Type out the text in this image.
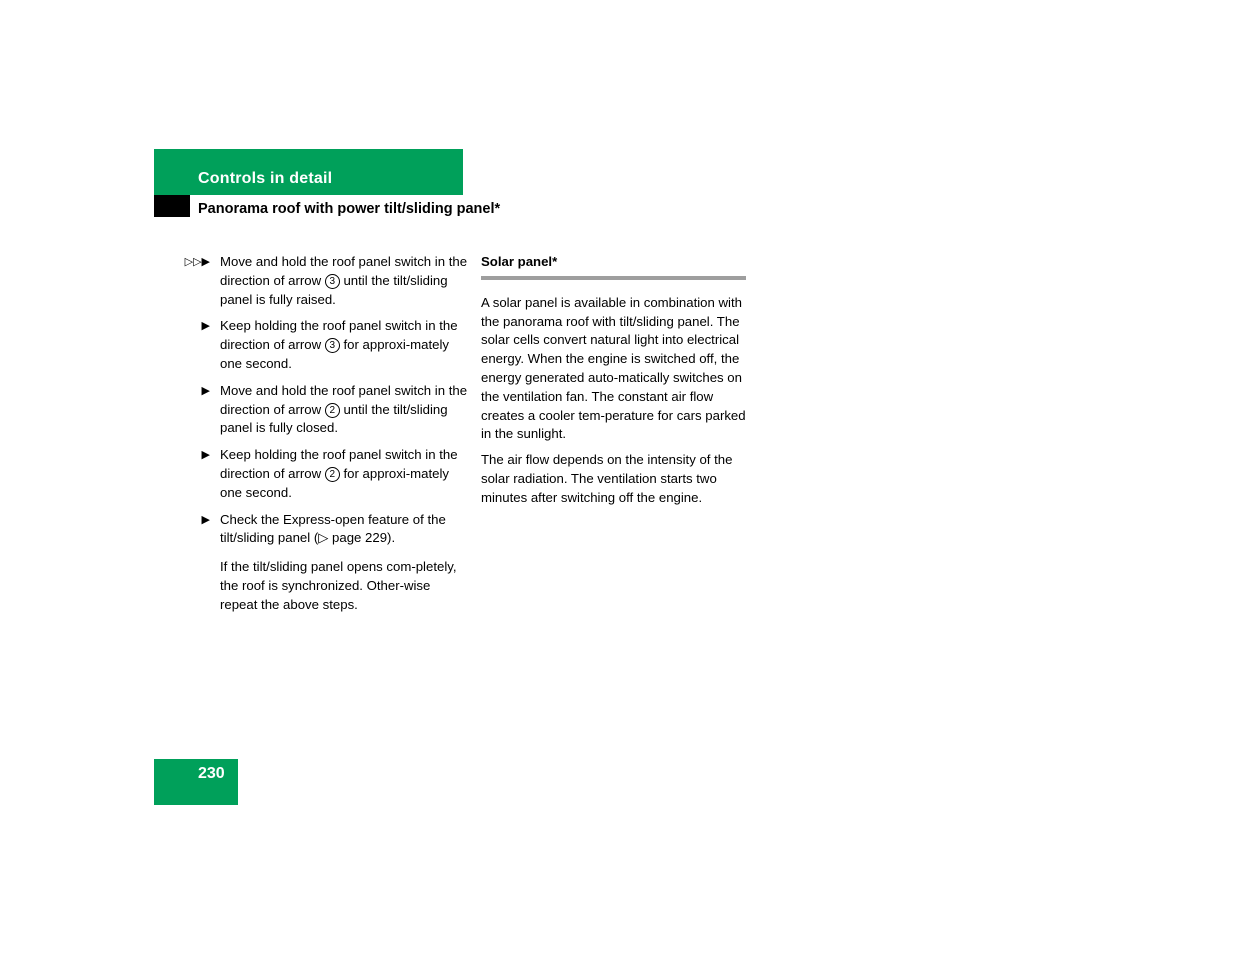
Controls in detail
Panorama roof with power tilt/sliding panel*
▷▷▶ Move and hold the roof panel switch in the direction of arrow 3 until the tilt/sliding panel is fully raised.
▶ Keep holding the roof panel switch in the direction of arrow 3 for approxi-mately one second.
▶ Move and hold the roof panel switch in the direction of arrow 2 until the tilt/sliding panel is fully closed.
▶ Keep holding the roof panel switch in the direction of arrow 2 for approxi-mately one second.
▶ Check the Express-open feature of the tilt/sliding panel (▷ page 229).
If the tilt/sliding panel opens com-pletely, the roof is synchronized. Other-wise repeat the above steps.
Solar panel*

A solar panel is available in combination with the panorama roof with tilt/sliding panel. The solar cells convert natural light into electrical energy. When the engine is switched off, the energy generated auto-matically switches on the ventilation fan. The constant air flow creates a cooler tem-perature for cars parked in the sunlight.

The air flow depends on the intensity of the solar radiation. The ventilation starts two minutes after switching off the engine.

230
